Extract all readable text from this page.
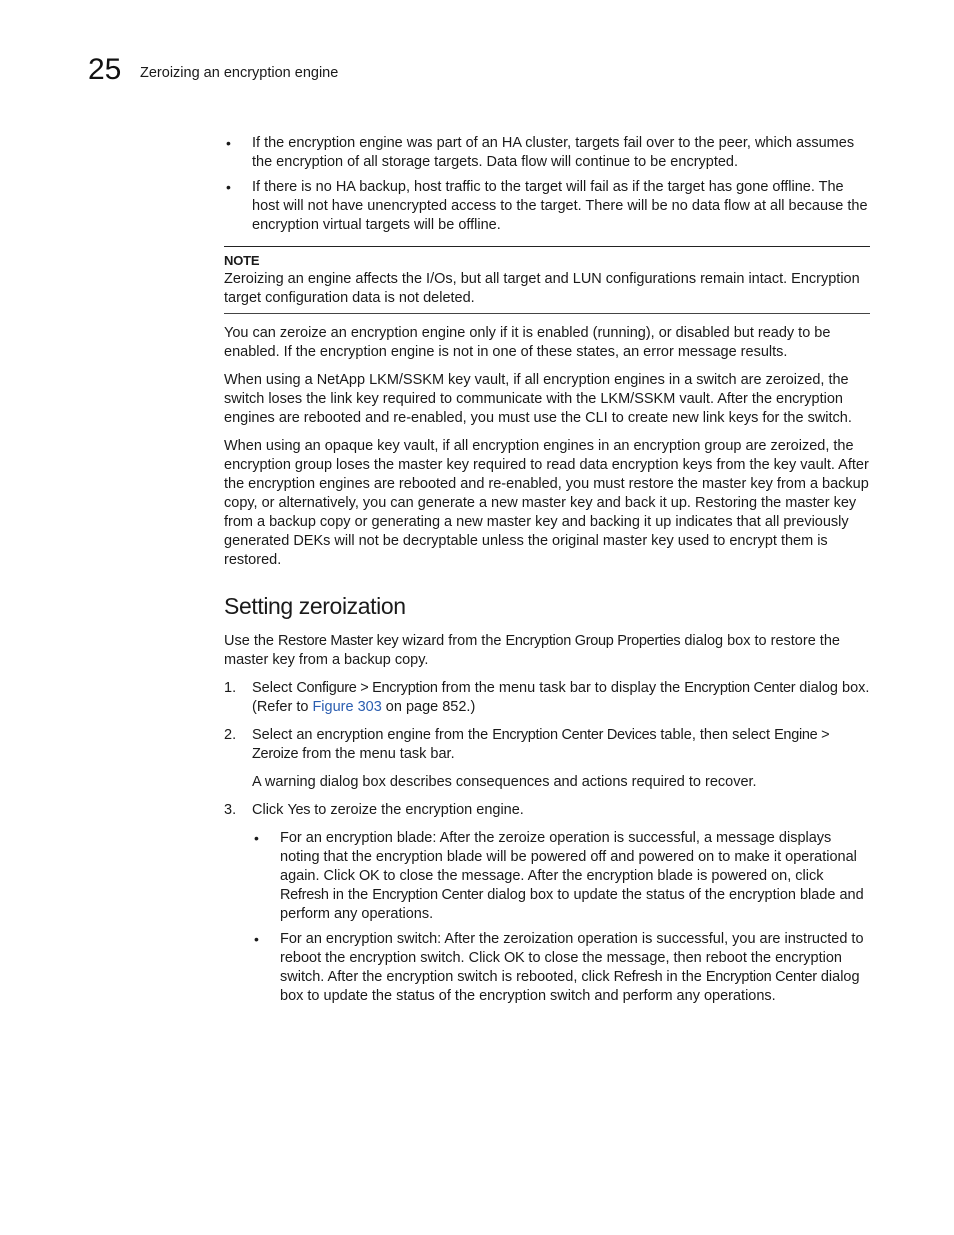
25 Zeroizing an encryption engine
• If the encryption engine was part of an HA cluster, targets fail over to the peer, which assumes the encryption of all storage targets. Data flow will continue to be encrypted.
• If there is no HA backup, host traffic to the target will fail as if the target has gone offline. The host will not have unencrypted access to the target. There will be no data flow at all because the encryption virtual targets will be offline.
NOTE
Zeroizing an engine affects the I/Os, but all target and LUN configurations remain intact. Encryption target configuration data is not deleted.

You can zeroize an encryption engine only if it is enabled (running), or disabled but ready to be enabled. If the encryption engine is not in one of these states, an error message results.

When using a NetApp LKM/SSKM key vault, if all encryption engines in a switch are zeroized, the switch loses the link key required to communicate with the LKM/SSKM vault. After the encryption engines are rebooted and re-enabled, you must use the CLI to create new link keys for the switch.

When using an opaque key vault, if all encryption engines in an encryption group are zeroized, the encryption group loses the master key required to read data encryption keys from the key vault. After the encryption engines are rebooted and re-enabled, you must restore the master key from a backup copy, or alternatively, you can generate a new master key and back it up. Restoring the master key from a backup copy or generating a new master key and backing it up indicates that all previously generated DEKs will not be decryptable unless the original master key used to encrypt them is restored.

Setting zeroization

Use the Restore Master key wizard from the Encryption Group Properties dialog box to restore the master key from a backup copy.

1. Select Configure > Encryption from the menu task bar to display the Encryption Center dialog box. (Refer to Figure 303 on page 852.)
2. Select an encryption engine from the Encryption Center Devices table, then select Engine > Zeroize from the menu task bar.
A warning dialog box describes consequences and actions required to recover.
3. Click Yes to zeroize the encryption engine.
• For an encryption blade: After the zeroize operation is successful, a message displays noting that the encryption blade will be powered off and powered on to make it operational again. Click OK to close the message. After the encryption blade is powered on, click Refresh in the Encryption Center dialog box to update the status of the encryption blade and perform any operations.
• For an encryption switch: After the zeroization operation is successful, you are instructed to reboot the encryption switch. Click OK to close the message, then reboot the encryption switch. After the encryption switch is rebooted, click Refresh in the Encryption Center dialog box to update the status of the encryption switch and perform any operations.
